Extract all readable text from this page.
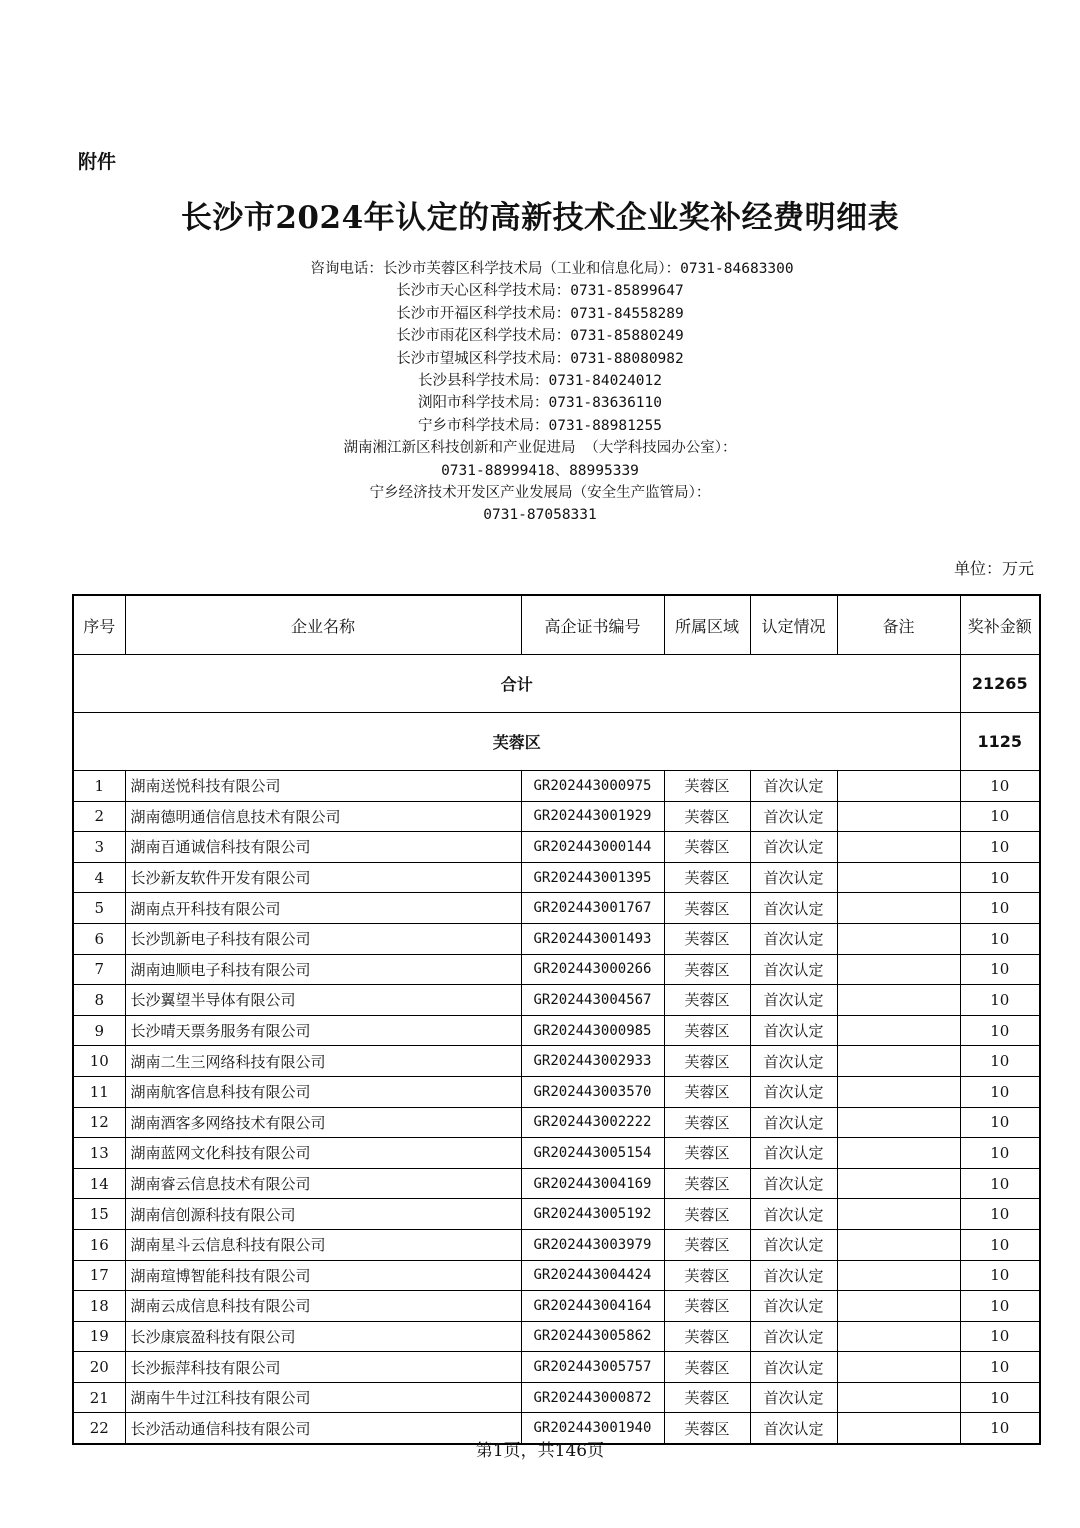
附件
长沙市2024年认定的高新技术企业奖补经费明细表
咨询电话：长沙市芙蓉区科学技术局（工业和信息化局）：0731-84683300
长沙市天心区科学技术局：0731-85899647
长沙市开福区科学技术局：0731-84558289
长沙市雨花区科学技术局：0731-85880249
长沙市望城区科学技术局：0731-88080982
长沙县科学技术局：0731-84024012
浏阳市科学技术局：0731-83636110
宁乡市科学技术局：0731-88981255
湖南湘江新区科技创新和产业促进局 （大学科技园办公室）：
0731-88999418、88995339
宁乡经济技术开发区产业发展局（安全生产监管局）：
0731-87058331
单位：万元
序号	企业名称	高企证书编号	所属区域	认定情况	备注	奖补金额
合计						21265
芙蓉区						1125
1	湖南送悦科技有限公司	GR202443000975	芙蓉区	首次认定		10
2	湖南德明通信信息技术有限公司	GR202443001929	芙蓉区	首次认定		10
3	湖南百通诚信科技有限公司	GR202443000144	芙蓉区	首次认定		10
4	长沙新友软件开发有限公司	GR202443001395	芙蓉区	首次认定		10
5	湖南点开科技有限公司	GR202443001767	芙蓉区	首次认定		10
6	长沙凯新电子科技有限公司	GR202443001493	芙蓉区	首次认定		10
7	湖南迪顺电子科技有限公司	GR202443000266	芙蓉区	首次认定		10
8	长沙翼望半导体有限公司	GR202443004567	芙蓉区	首次认定		10
9	长沙晴天票务服务有限公司	GR202443000985	芙蓉区	首次认定		10
10	湖南二生三网络科技有限公司	GR202443002933	芙蓉区	首次认定		10
11	湖南航客信息科技有限公司	GR202443003570	芙蓉区	首次认定		10
12	湖南酒客多网络技术有限公司	GR202443002222	芙蓉区	首次认定		10
13	湖南蓝网文化科技有限公司	GR202443005154	芙蓉区	首次认定		10
14	湖南睿云信息技术有限公司	GR202443004169	芙蓉区	首次认定		10
15	湖南信创源科技有限公司	GR202443005192	芙蓉区	首次认定		10
16	湖南星斗云信息科技有限公司	GR202443003979	芙蓉区	首次认定		10
17	湖南瑄博智能科技有限公司	GR202443004424	芙蓉区	首次认定		10
18	湖南云成信息科技有限公司	GR202443004164	芙蓉区	首次认定		10
19	长沙康宸盈科技有限公司	GR202443005862	芙蓉区	首次认定		10
20	长沙振萍科技有限公司	GR202443005757	芙蓉区	首次认定		10
21	湖南牛牛过江科技有限公司	GR202443000872	芙蓉区	首次认定		10
22	长沙活动通信科技有限公司	GR202443001940	芙蓉区	首次认定		10
第1页，共146页
